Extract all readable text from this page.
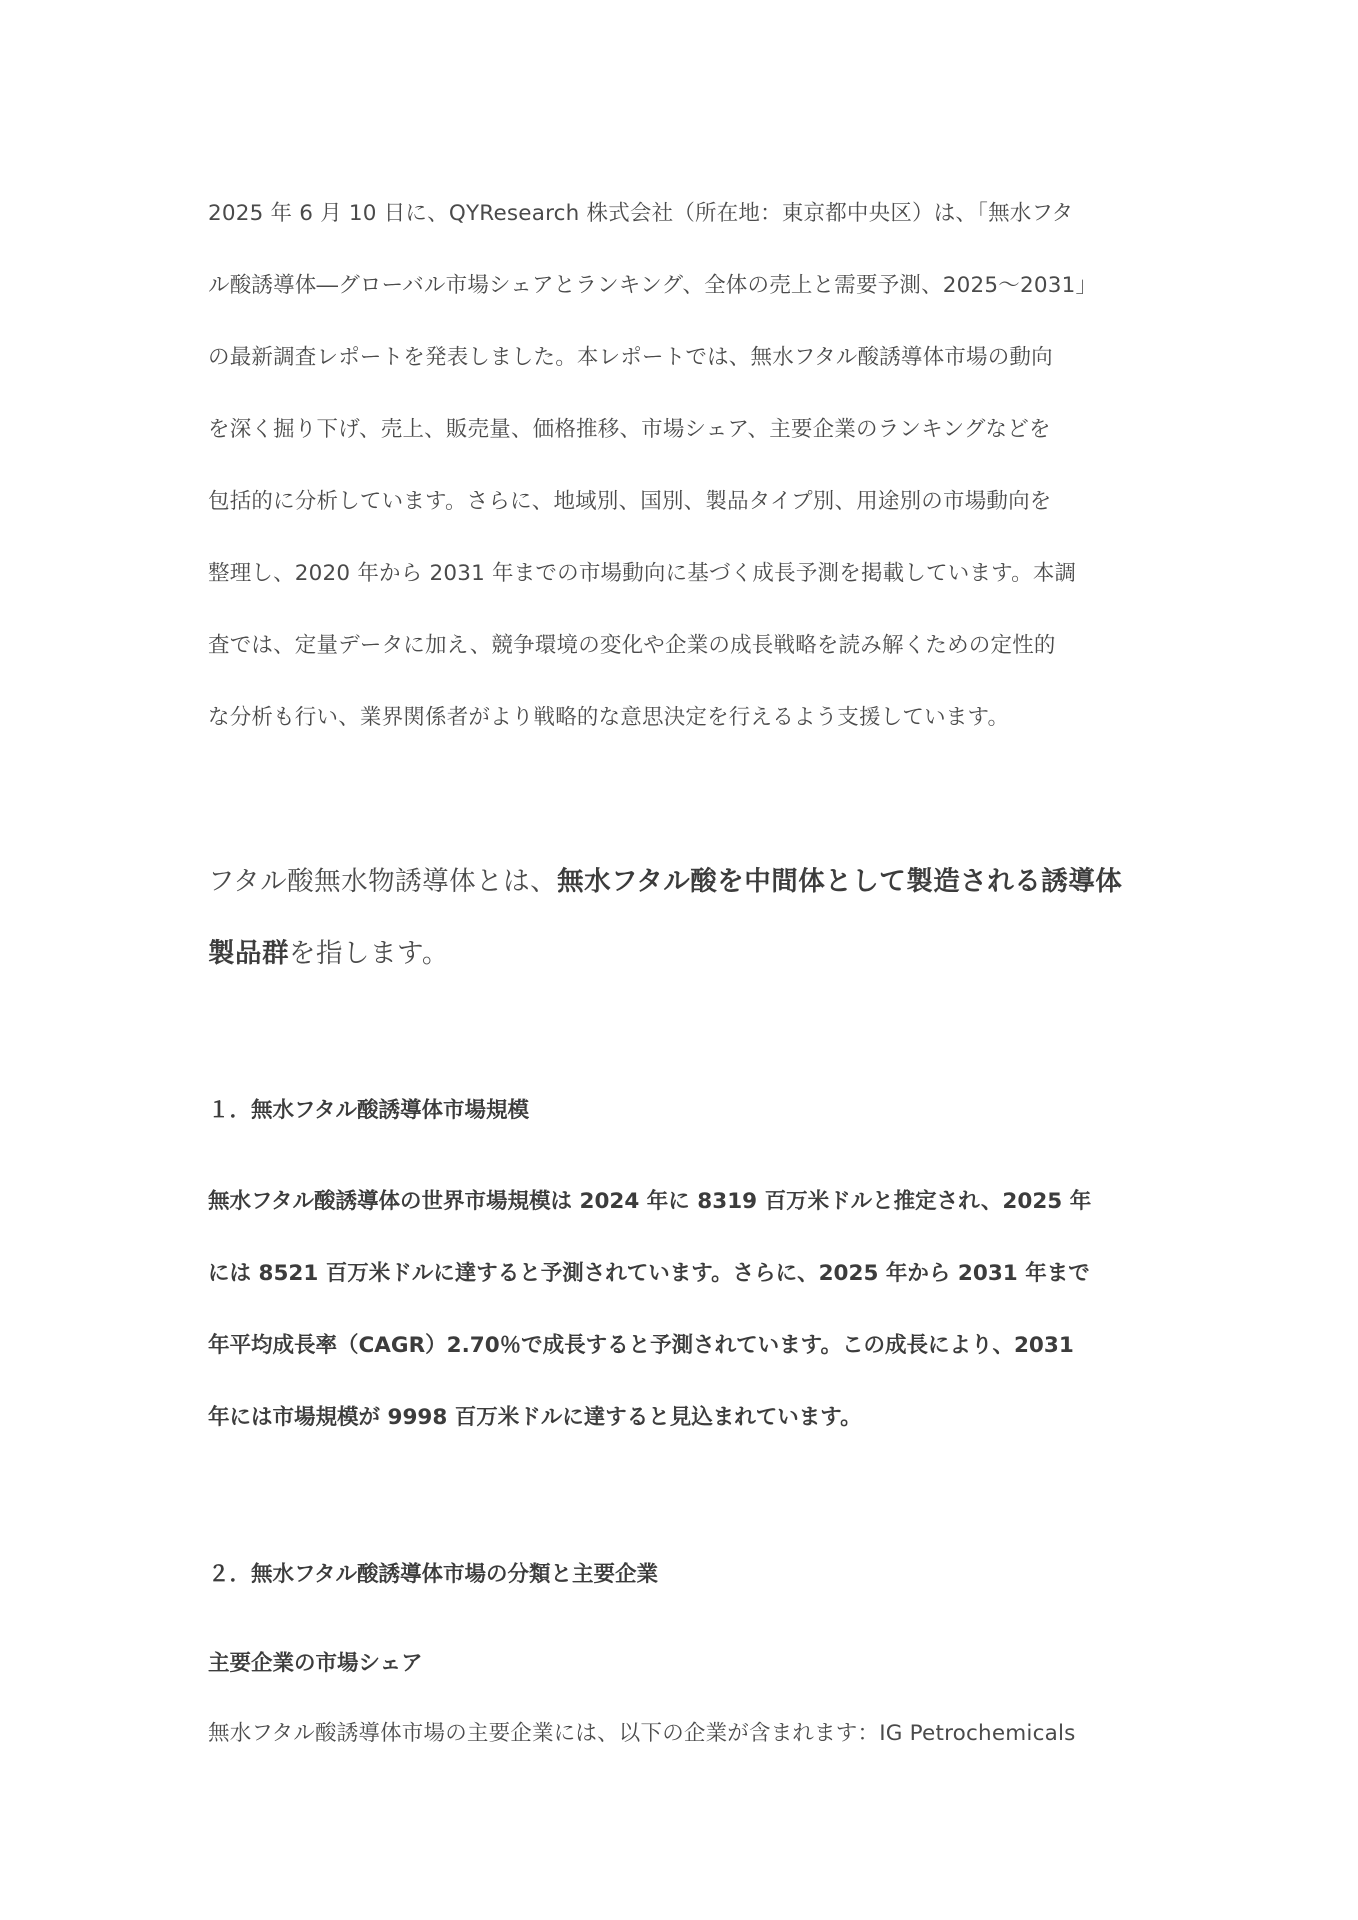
2025 年 6 月 10 日に、QYResearch 株式会社（所在地：東京都中央区）は、「無水フタ
ル酸誘導体―グローバル市場シェアとランキング、全体の売上と需要予測、2025～2031」
の最新調査レポートを発表しました。本レポートでは、無水フタル酸誘導体市場の動向
を深く掘り下げ、売上、販売量、価格推移、市場シェア、主要企業のランキングなどを
包括的に分析しています。さらに、地域別、国別、製品タイプ別、用途別の市場動向を
整理し、2020 年から 2031 年までの市場動向に基づく成長予測を掲載しています。本調
査では、定量データに加え、競争環境の変化や企業の成長戦略を読み解くための定性的
な分析も行い、業界関係者がより戦略的な意思決定を行えるよう支援しています。
フタル酸無水物誘導体とは、無水フタル酸を中間体として製造される誘導体
製品群を指します。
１．無水フタル酸誘導体市場規模
無水フタル酸誘導体の世界市場規模は 2024 年に 8319 百万米ドルと推定され、2025 年
には 8521 百万米ドルに達すると予測されています。さらに、2025 年から 2031 年まで
年平均成長率（CAGR）2.70％で成長すると予測されています。この成長により、2031
年には市場規模が 9998 百万米ドルに達すると見込まれています。
２．無水フタル酸誘導体市場の分類と主要企業
主要企業の市場シェア
無水フタル酸誘導体市場の主要企業には、以下の企業が含まれます：IG Petrochemicals
